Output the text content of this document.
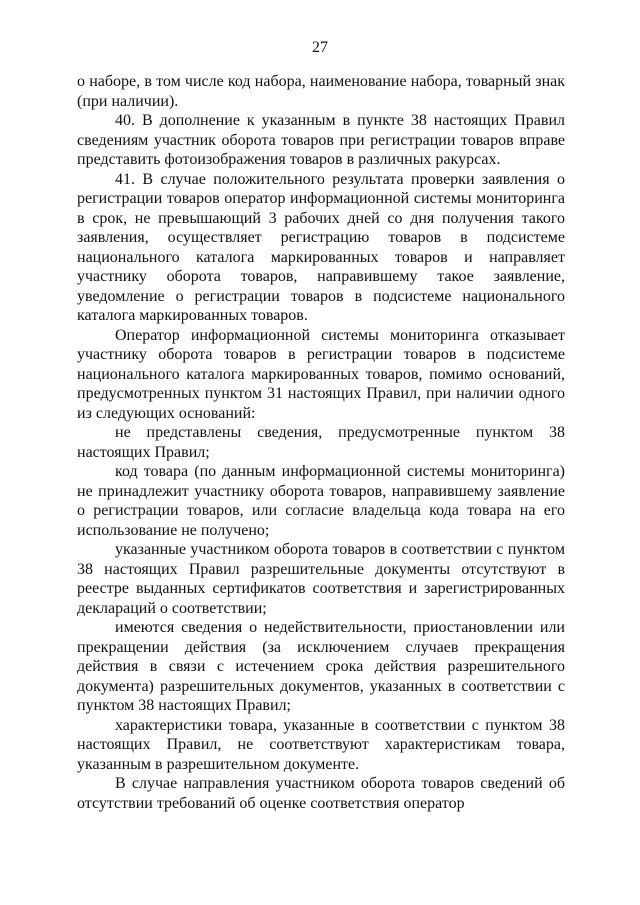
27

о наборе, в том числе код набора, наименование набора, товарный знак (при наличии).

40. В дополнение к указанным в пункте 38 настоящих Правил сведениям участник оборота товаров при регистрации товаров вправе представить фотоизображения товаров в различных ракурсах.

41. В случае положительного результата проверки заявления о регистрации товаров оператор информационной системы мониторинга в срок, не превышающий 3 рабочих дней со дня получения такого заявления, осуществляет регистрацию товаров в подсистеме национального каталога маркированных товаров и направляет участнику оборота товаров, направившему такое заявление, уведомление о регистрации товаров в подсистеме национального каталога маркированных товаров.

Оператор информационной системы мониторинга отказывает участнику оборота товаров в регистрации товаров в подсистеме национального каталога маркированных товаров, помимо оснований, предусмотренных пунктом 31 настоящих Правил, при наличии одного из следующих оснований:

не представлены сведения, предусмотренные пунктом 38 настоящих Правил;

код товара (по данным информационной системы мониторинга) не принадлежит участнику оборота товаров, направившему заявление о регистрации товаров, или согласие владельца кода товара на его использование не получено;

указанные участником оборота товаров в соответствии с пунктом 38 настоящих Правил разрешительные документы отсутствуют в реестре выданных сертификатов соответствия и зарегистрированных деклараций о соответствии;

имеются сведения о недействительности, приостановлении или прекращении действия (за исключением случаев прекращения действия в связи с истечением срока действия разрешительного документа) разрешительных документов, указанных в соответствии с пунктом 38 настоящих Правил;

характеристики товара, указанные в соответствии с пунктом 38 настоящих Правил, не соответствуют характеристикам товара, указанным в разрешительном документе.

В случае направления участником оборота товаров сведений об отсутствии требований об оценке соответствия оператор
